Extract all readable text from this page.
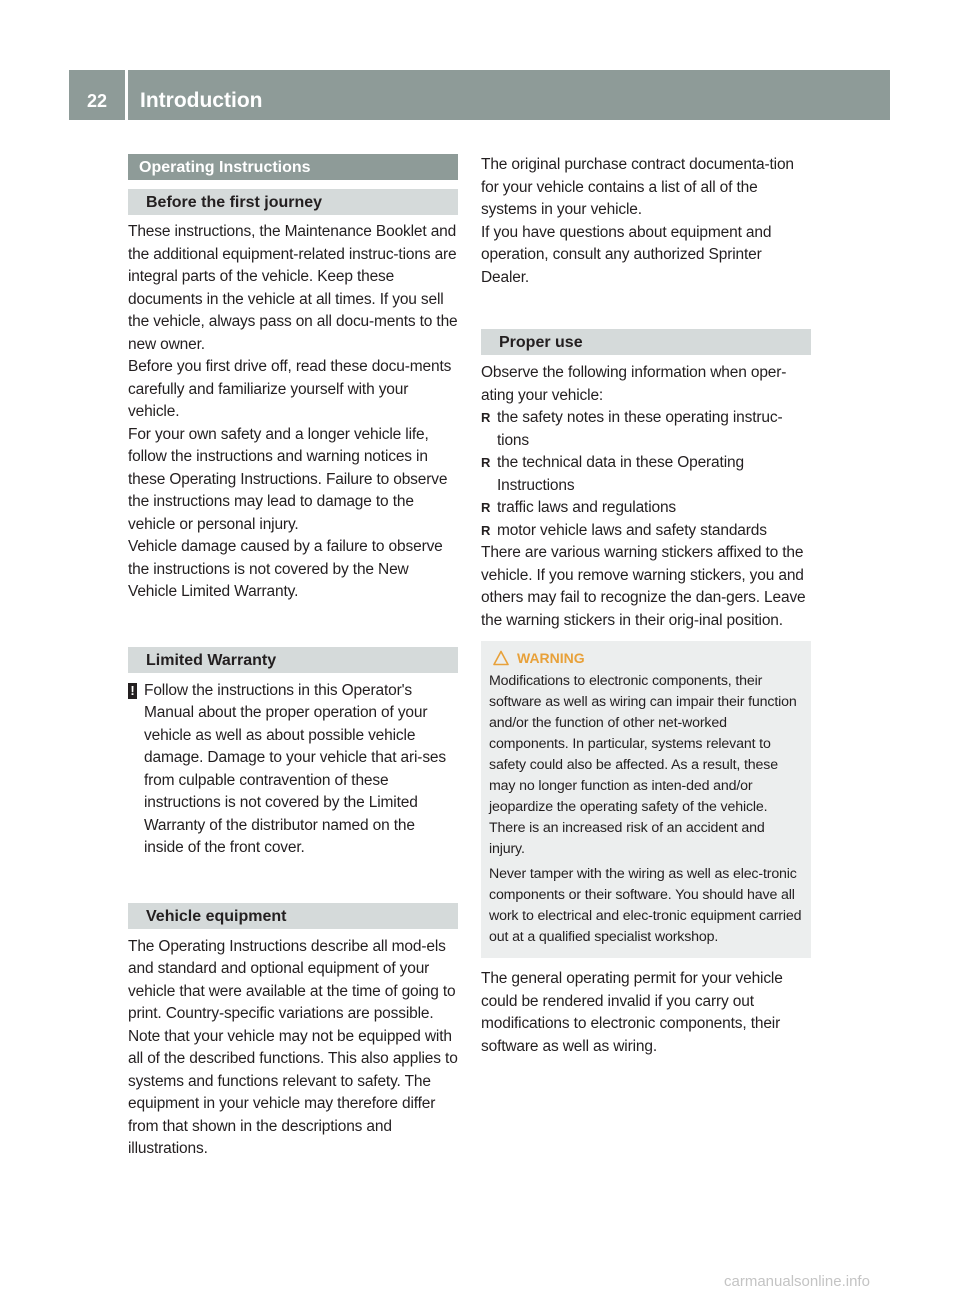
22	Introduction
Operating Instructions
Before the first journey

These instructions, the Maintenance Booklet and the additional equipment-related instruc-tions are integral parts of the vehicle. Keep these documents in the vehicle at all times. If you sell the vehicle, always pass on all docu-ments to the new owner.

Before you first drive off, read these docu-ments carefully and familiarize yourself with your vehicle.

For your own safety and a longer vehicle life, follow the instructions and warning notices in these Operating Instructions. Failure to observe the instructions may lead to damage to the vehicle or personal injury.

Vehicle damage caused by a failure to observe the instructions is not covered by the New Vehicle Limited Warranty.

Limited Warranty
! Follow the instructions in this Operator's Manual about the proper operation of your vehicle as well as about possible vehicle damage. Damage to your vehicle that ari-ses from culpable contravention of these instructions is not covered by the Limited Warranty of the distributor named on the inside of the front cover.

Vehicle equipment

The Operating Instructions describe all mod-els and standard and optional equipment of your vehicle that were available at the time of going to print. Country-specific variations are possible. Note that your vehicle may not be equipped with all of the described functions. This also applies to systems and functions relevant to safety. The equipment in your vehicle may therefore differ from that shown in the descriptions and illustrations.

The original purchase contract documenta-tion for your vehicle contains a list of all of the systems in your vehicle.

If you have questions about equipment and operation, consult any authorized Sprinter Dealer.

Proper use

Observe the following information when oper-ating your vehicle:

R the safety notes in these operating instruc-tions
R the technical data in these Operating Instructions
R traffic laws and regulations
R motor vehicle laws and safety standards

There are various warning stickers affixed to the vehicle. If you remove warning stickers, you and others may fail to recognize the dan-gers. Leave the warning stickers in their orig-inal position.

WARNING

Modifications to electronic components, their software as well as wiring can impair their function and/or the function of other net-worked components. In particular, systems relevant to safety could also be affected. As a result, these may no longer function as inten-ded and/or jeopardize the operating safety of the vehicle. There is an increased risk of an accident and injury.

Never tamper with the wiring as well as elec-tronic components or their software. You should have all work to electrical and elec-tronic equipment carried out at a qualified specialist workshop.

The general operating permit for your vehicle could be rendered invalid if you carry out modifications to electronic components, their software as well as wiring.

carmanualsonline.info
